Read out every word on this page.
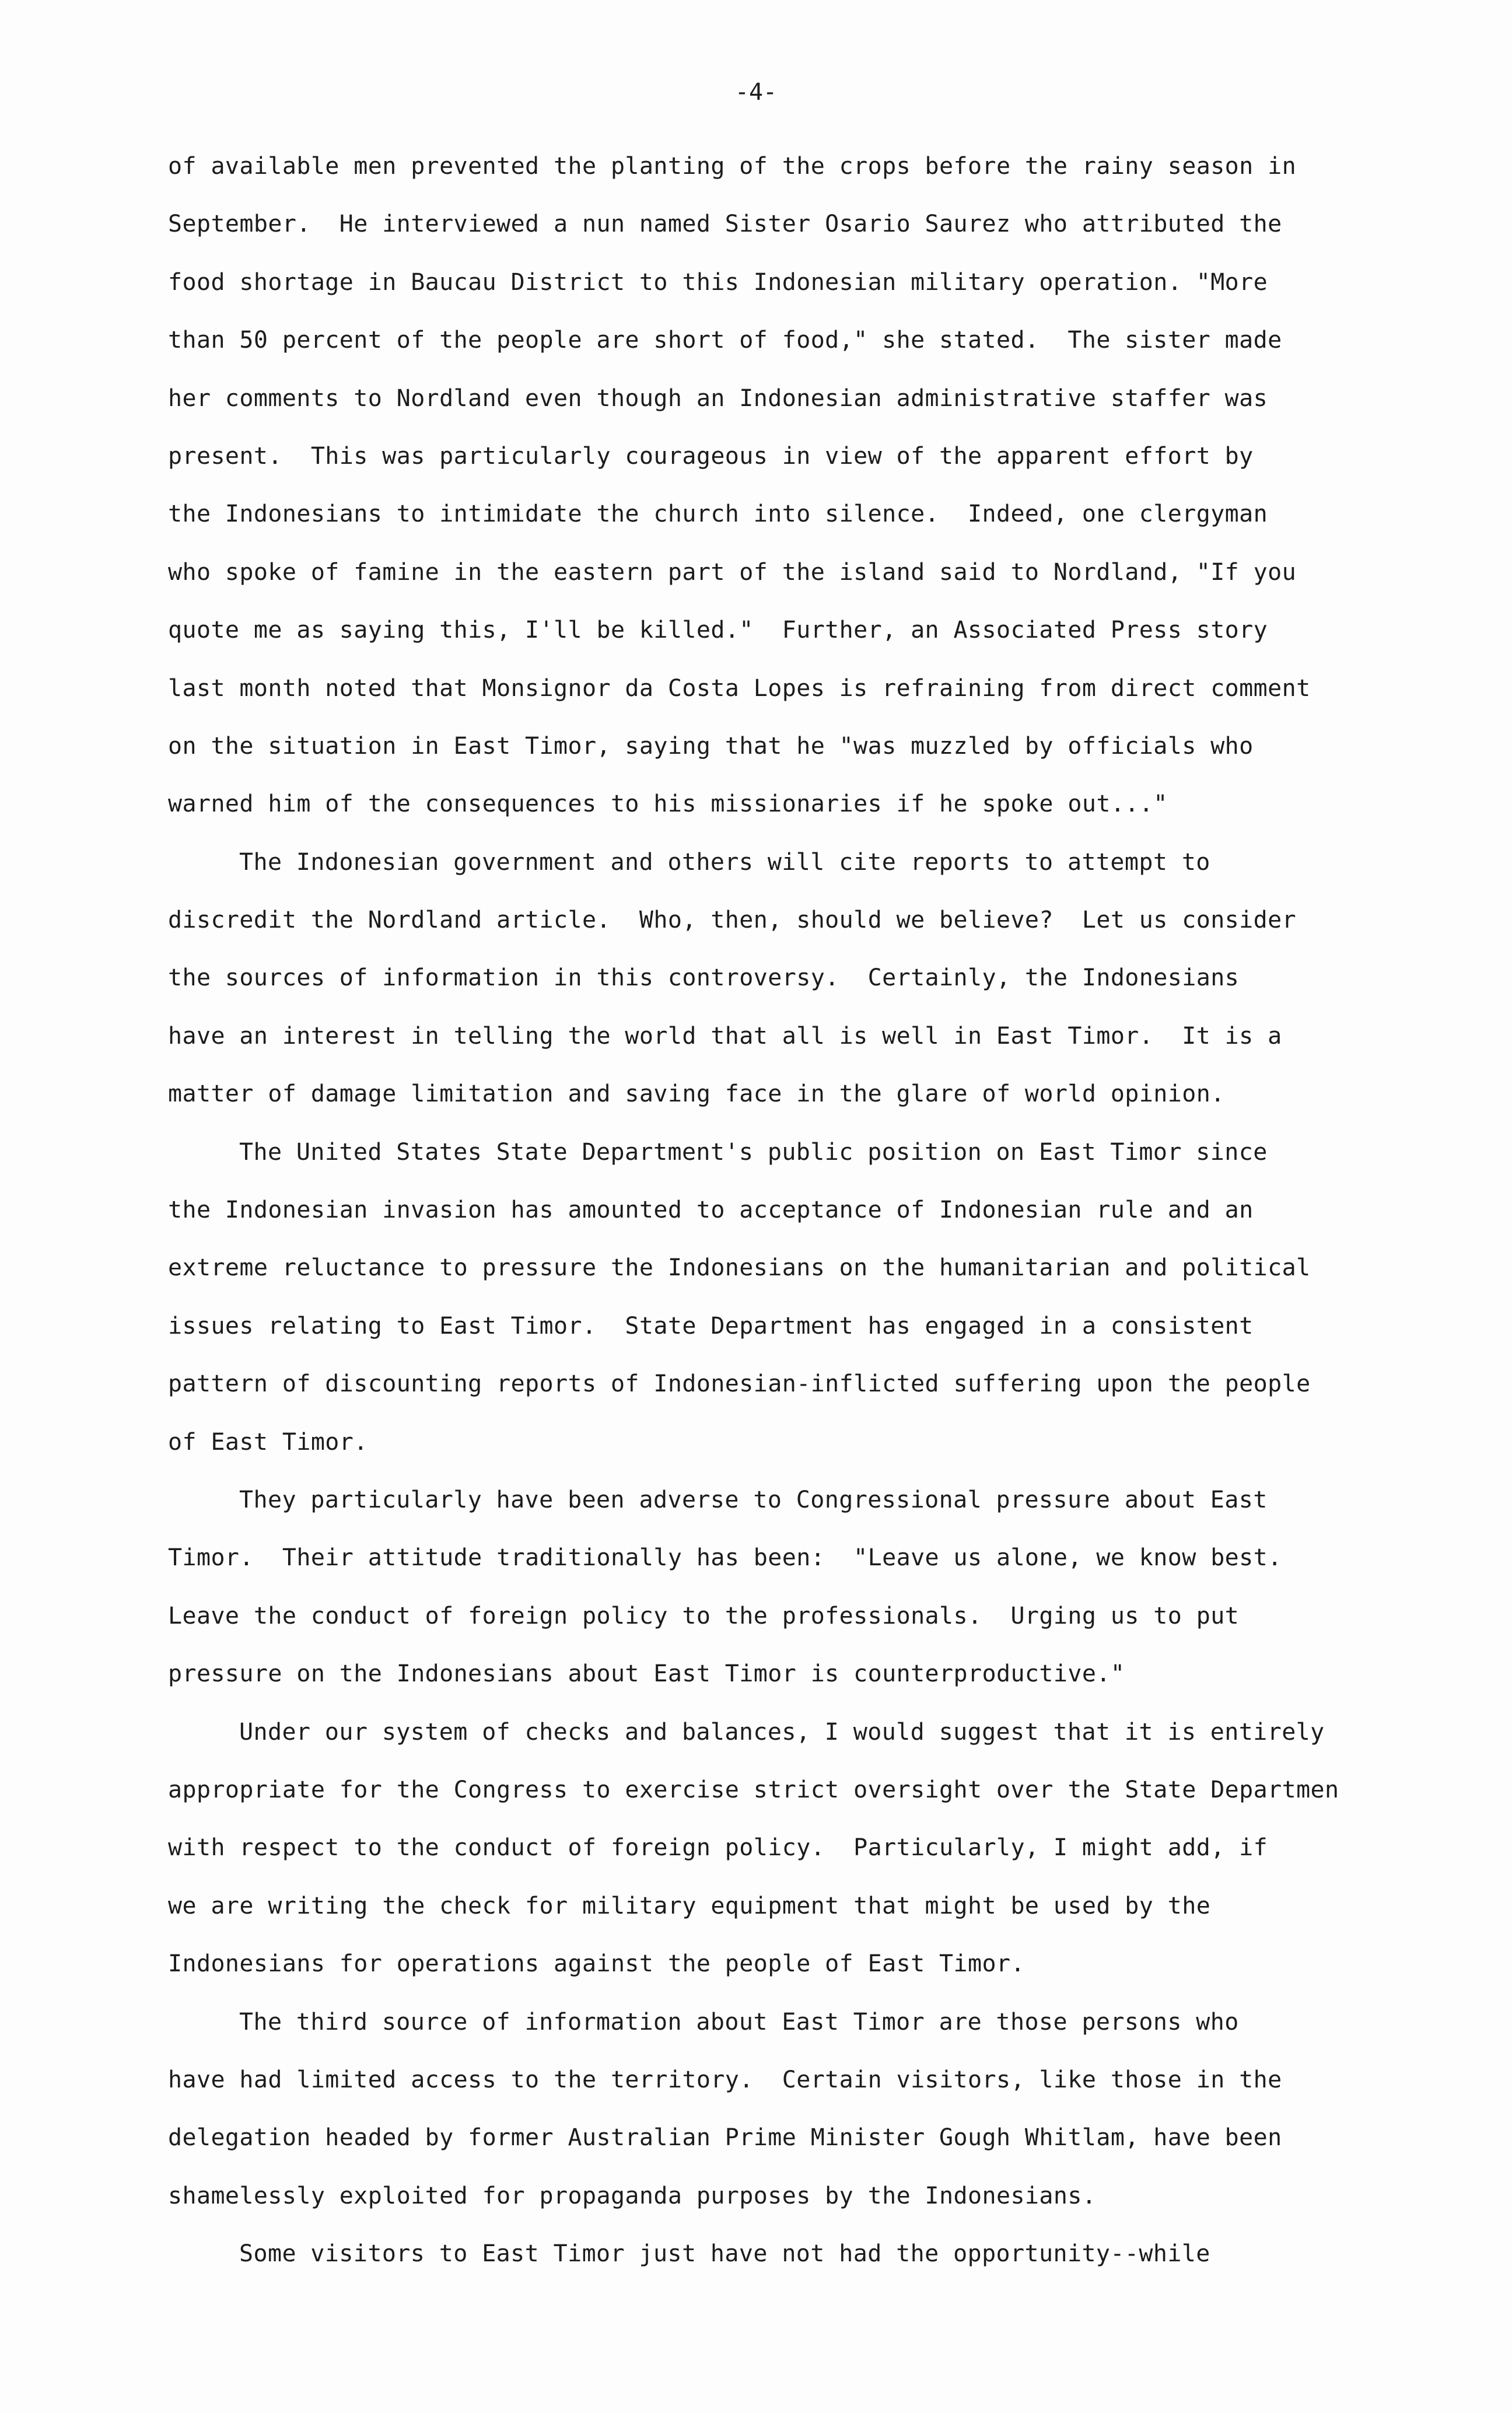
-4-
of available men prevented the planting of the crops before the rainy season in
September.  He interviewed a nun named Sister Osario Saurez who attributed the
food shortage in Baucau District to this Indonesian military operation. "More
than 50 percent of the people are short of food," she stated.  The sister made
her comments to Nordland even though an Indonesian administrative staffer was
present.  This was particularly courageous in view of the apparent effort by
the Indonesians to intimidate the church into silence.  Indeed, one clergyman
who spoke of famine in the eastern part of the island said to Nordland, "If you
quote me as saying this, I'll be killed."  Further, an Associated Press story
last month noted that Monsignor da Costa Lopes is refraining from direct comment
on the situation in East Timor, saying that he "was muzzled by officials who
warned him of the consequences to his missionaries if he spoke out..."
The Indonesian government and others will cite reports to attempt to
discredit the Nordland article.  Who, then, should we believe?  Let us consider
the sources of information in this controversy.  Certainly, the Indonesians
have an interest in telling the world that all is well in East Timor.  It is a
matter of damage limitation and saving face in the glare of world opinion.
The United States State Department's public position on East Timor since
the Indonesian invasion has amounted to acceptance of Indonesian rule and an
extreme reluctance to pressure the Indonesians on the humanitarian and political
issues relating to East Timor.  State Department has engaged in a consistent
pattern of discounting reports of Indonesian-inflicted suffering upon the people
of East Timor.
They particularly have been adverse to Congressional pressure about East
Timor.  Their attitude traditionally has been:  "Leave us alone, we know best.
Leave the conduct of foreign policy to the professionals.  Urging us to put
pressure on the Indonesians about East Timor is counterproductive."
Under our system of checks and balances, I would suggest that it is entirely
appropriate for the Congress to exercise strict oversight over the State Departmen
with respect to the conduct of foreign policy.  Particularly, I might add, if
we are writing the check for military equipment that might be used by the
Indonesians for operations against the people of East Timor.
The third source of information about East Timor are those persons who
have had limited access to the territory.  Certain visitors, like those in the
delegation headed by former Australian Prime Minister Gough Whitlam, have been
shamelessly exploited for propaganda purposes by the Indonesians.
Some visitors to East Timor just have not had the opportunity--while
